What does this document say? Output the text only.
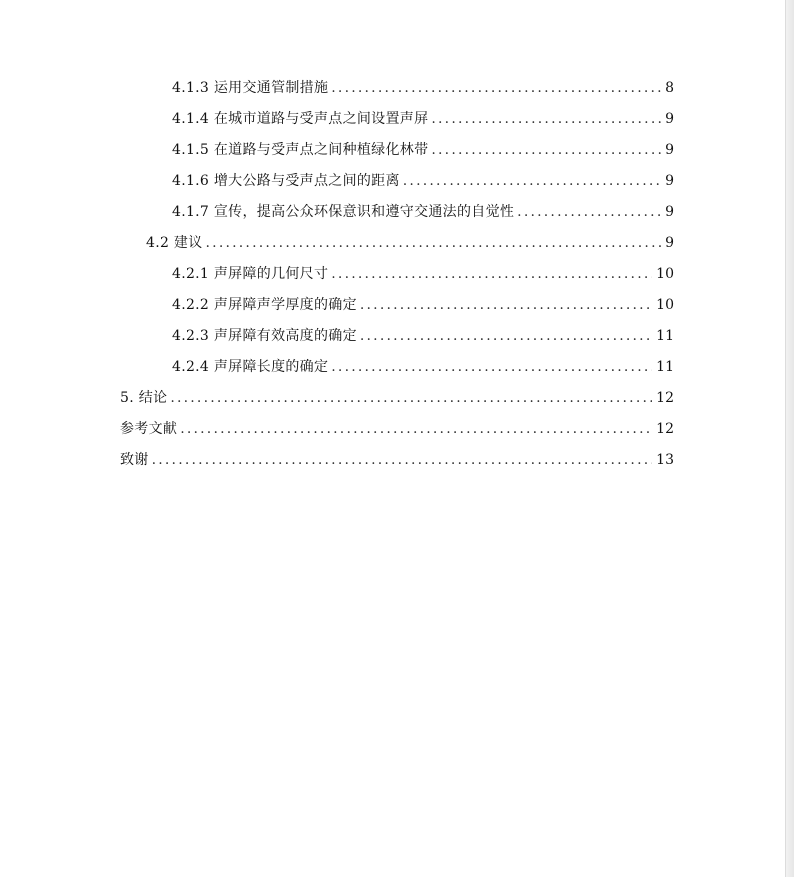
4.1.3 运用交通管制措施 .....	8
4.1.4 在城市道路与受声点之间设置声屏 .....	9
4.1.5 在道路与受声点之间种植绿化林带 .....	9
4.1.6 增大公路与受声点之间的距离 .....	9
4.1.7 宣传，提高公众环保意识和遵守交通法的自觉性 .....	9
4.2 建议 .....	9
4.2.1 声屏障的几何尺寸 .....	10
4.2.2 声屏障声学厚度的确定 .....	10
4.2.3 声屏障有效高度的确定 .....	11
4.2.4 声屏障长度的确定 .....	11
5. 结论 .....	12
参考文献 .....	12
致谢 .....	13
